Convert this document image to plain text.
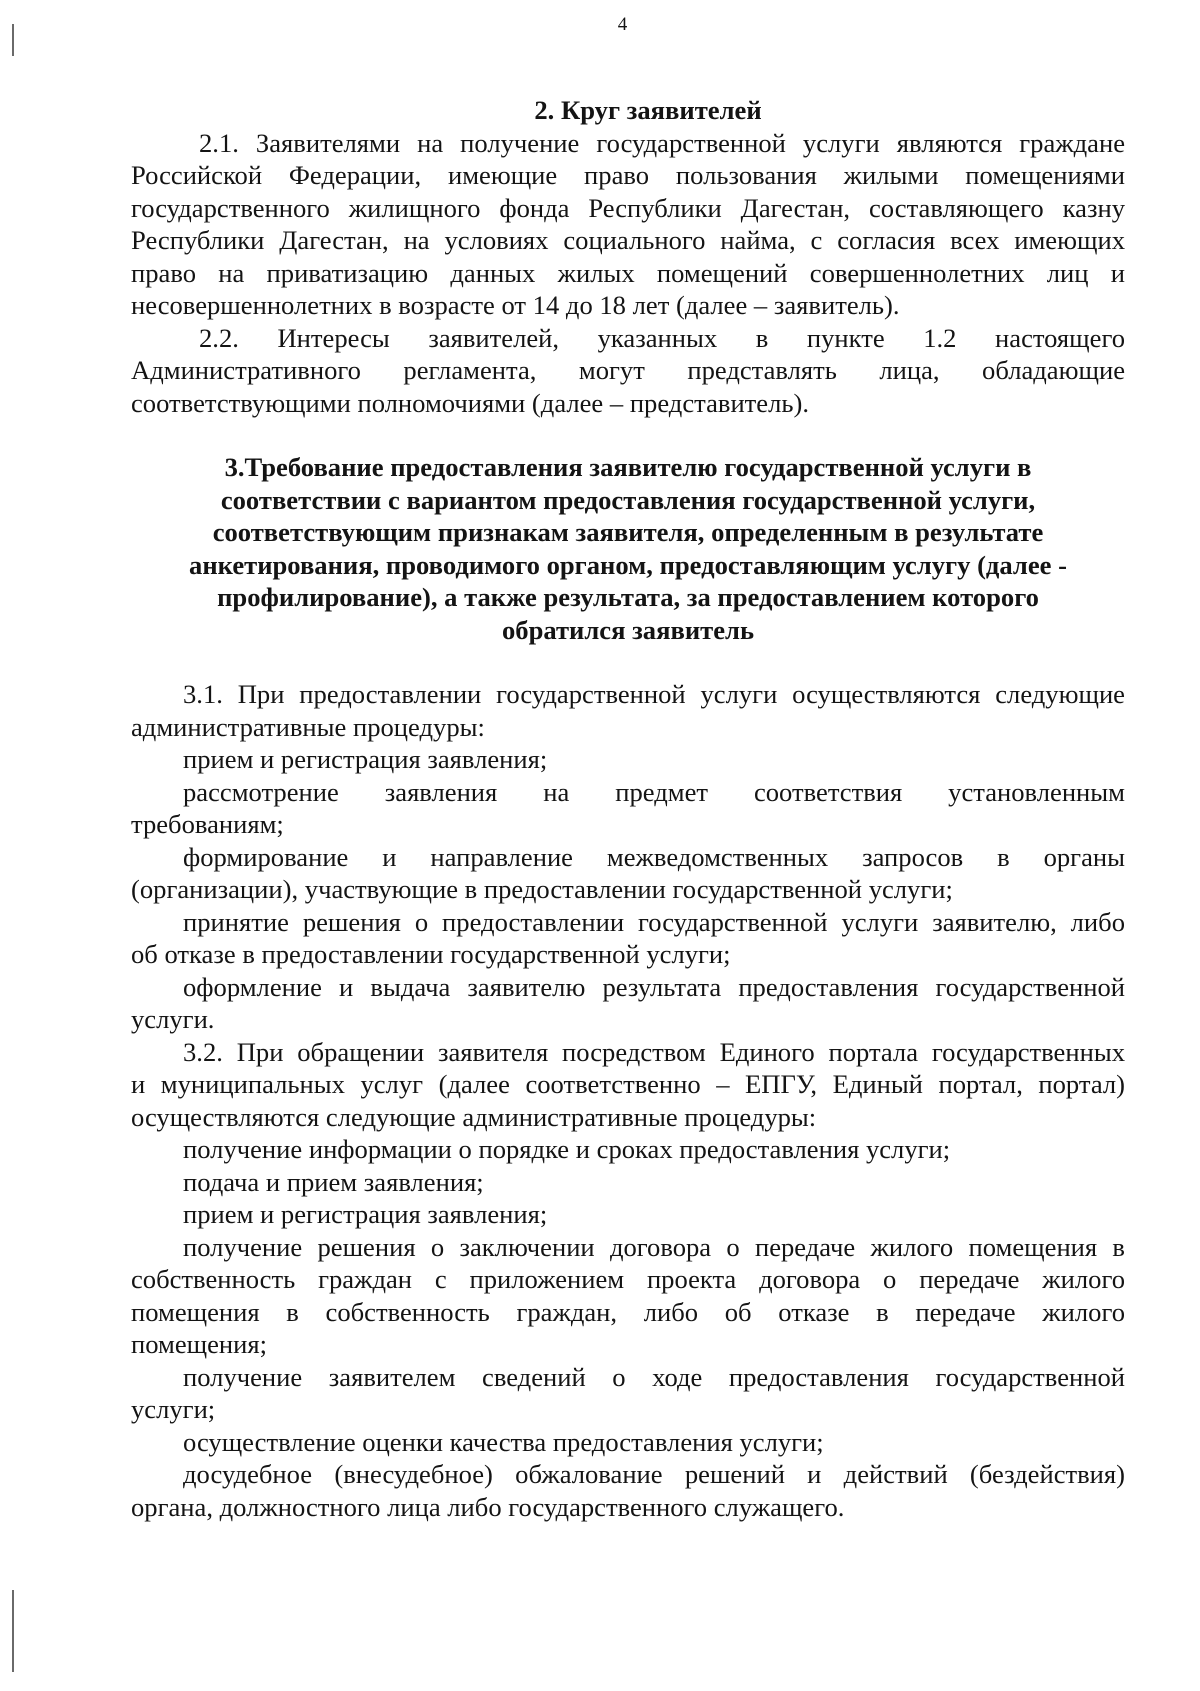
4

2. Круг заявителей

2.1. Заявителями на получение государственной услуги являются граждане

Российской Федерации, имеющие право пользования жилыми помещениями

государственного жилищного фонда Республики Дагестан, составляющего казну

Республики Дагестан, на условиях социального найма, с согласия всех имеющих

право на приватизацию данных жилых помещений совершеннолетних лиц и

несовершеннолетних в возрасте от 14 до 18 лет (далее – заявитель).

2.2. Интересы заявителей, указанных в пункте 1.2 настоящего

Административного регламента, могут представлять лица, обладающие

соответствующими полномочиями (далее – представитель).

3.Требование предоставления заявителю государственной услуги в

соответствии с вариантом предоставления государственной услуги,

соответствующим признакам заявителя, определенным в результате

анкетирования, проводимого органом, предоставляющим услугу (далее -

профилирование), а также результата, за предоставлением которого

обратился заявитель

3.1. При предоставлении государственной услуги осуществляются следующие

административные процедуры:

прием и регистрация заявления;

рассмотрение заявления на предмет соответствия установленным

требованиям;

формирование и направление межведомственных запросов в органы

(организации), участвующие в предоставлении государственной услуги;

принятие решения о предоставлении государственной услуги заявителю, либо

об отказе в предоставлении государственной услуги;

оформление и выдача заявителю результата предоставления государственной

услуги.

3.2. При обращении заявителя посредством Единого портала государственных

и муниципальных услуг (далее соответственно – ЕПГУ, Единый портал, портал)

осуществляются следующие административные процедуры:

получение информации о порядке и сроках предоставления услуги;

подача и прием заявления;

прием и регистрация заявления;

получение решения о заключении договора о передаче жилого помещения в

собственность граждан с приложением проекта договора о передаче жилого

помещения в собственность граждан, либо об отказе в передаче жилого

помещения;

получение заявителем сведений о ходе предоставления государственной

услуги;

осуществление оценки качества предоставления услуги;

досудебное (внесудебное) обжалование решений и действий (бездействия)

органа, должностного лица либо государственного служащего.
